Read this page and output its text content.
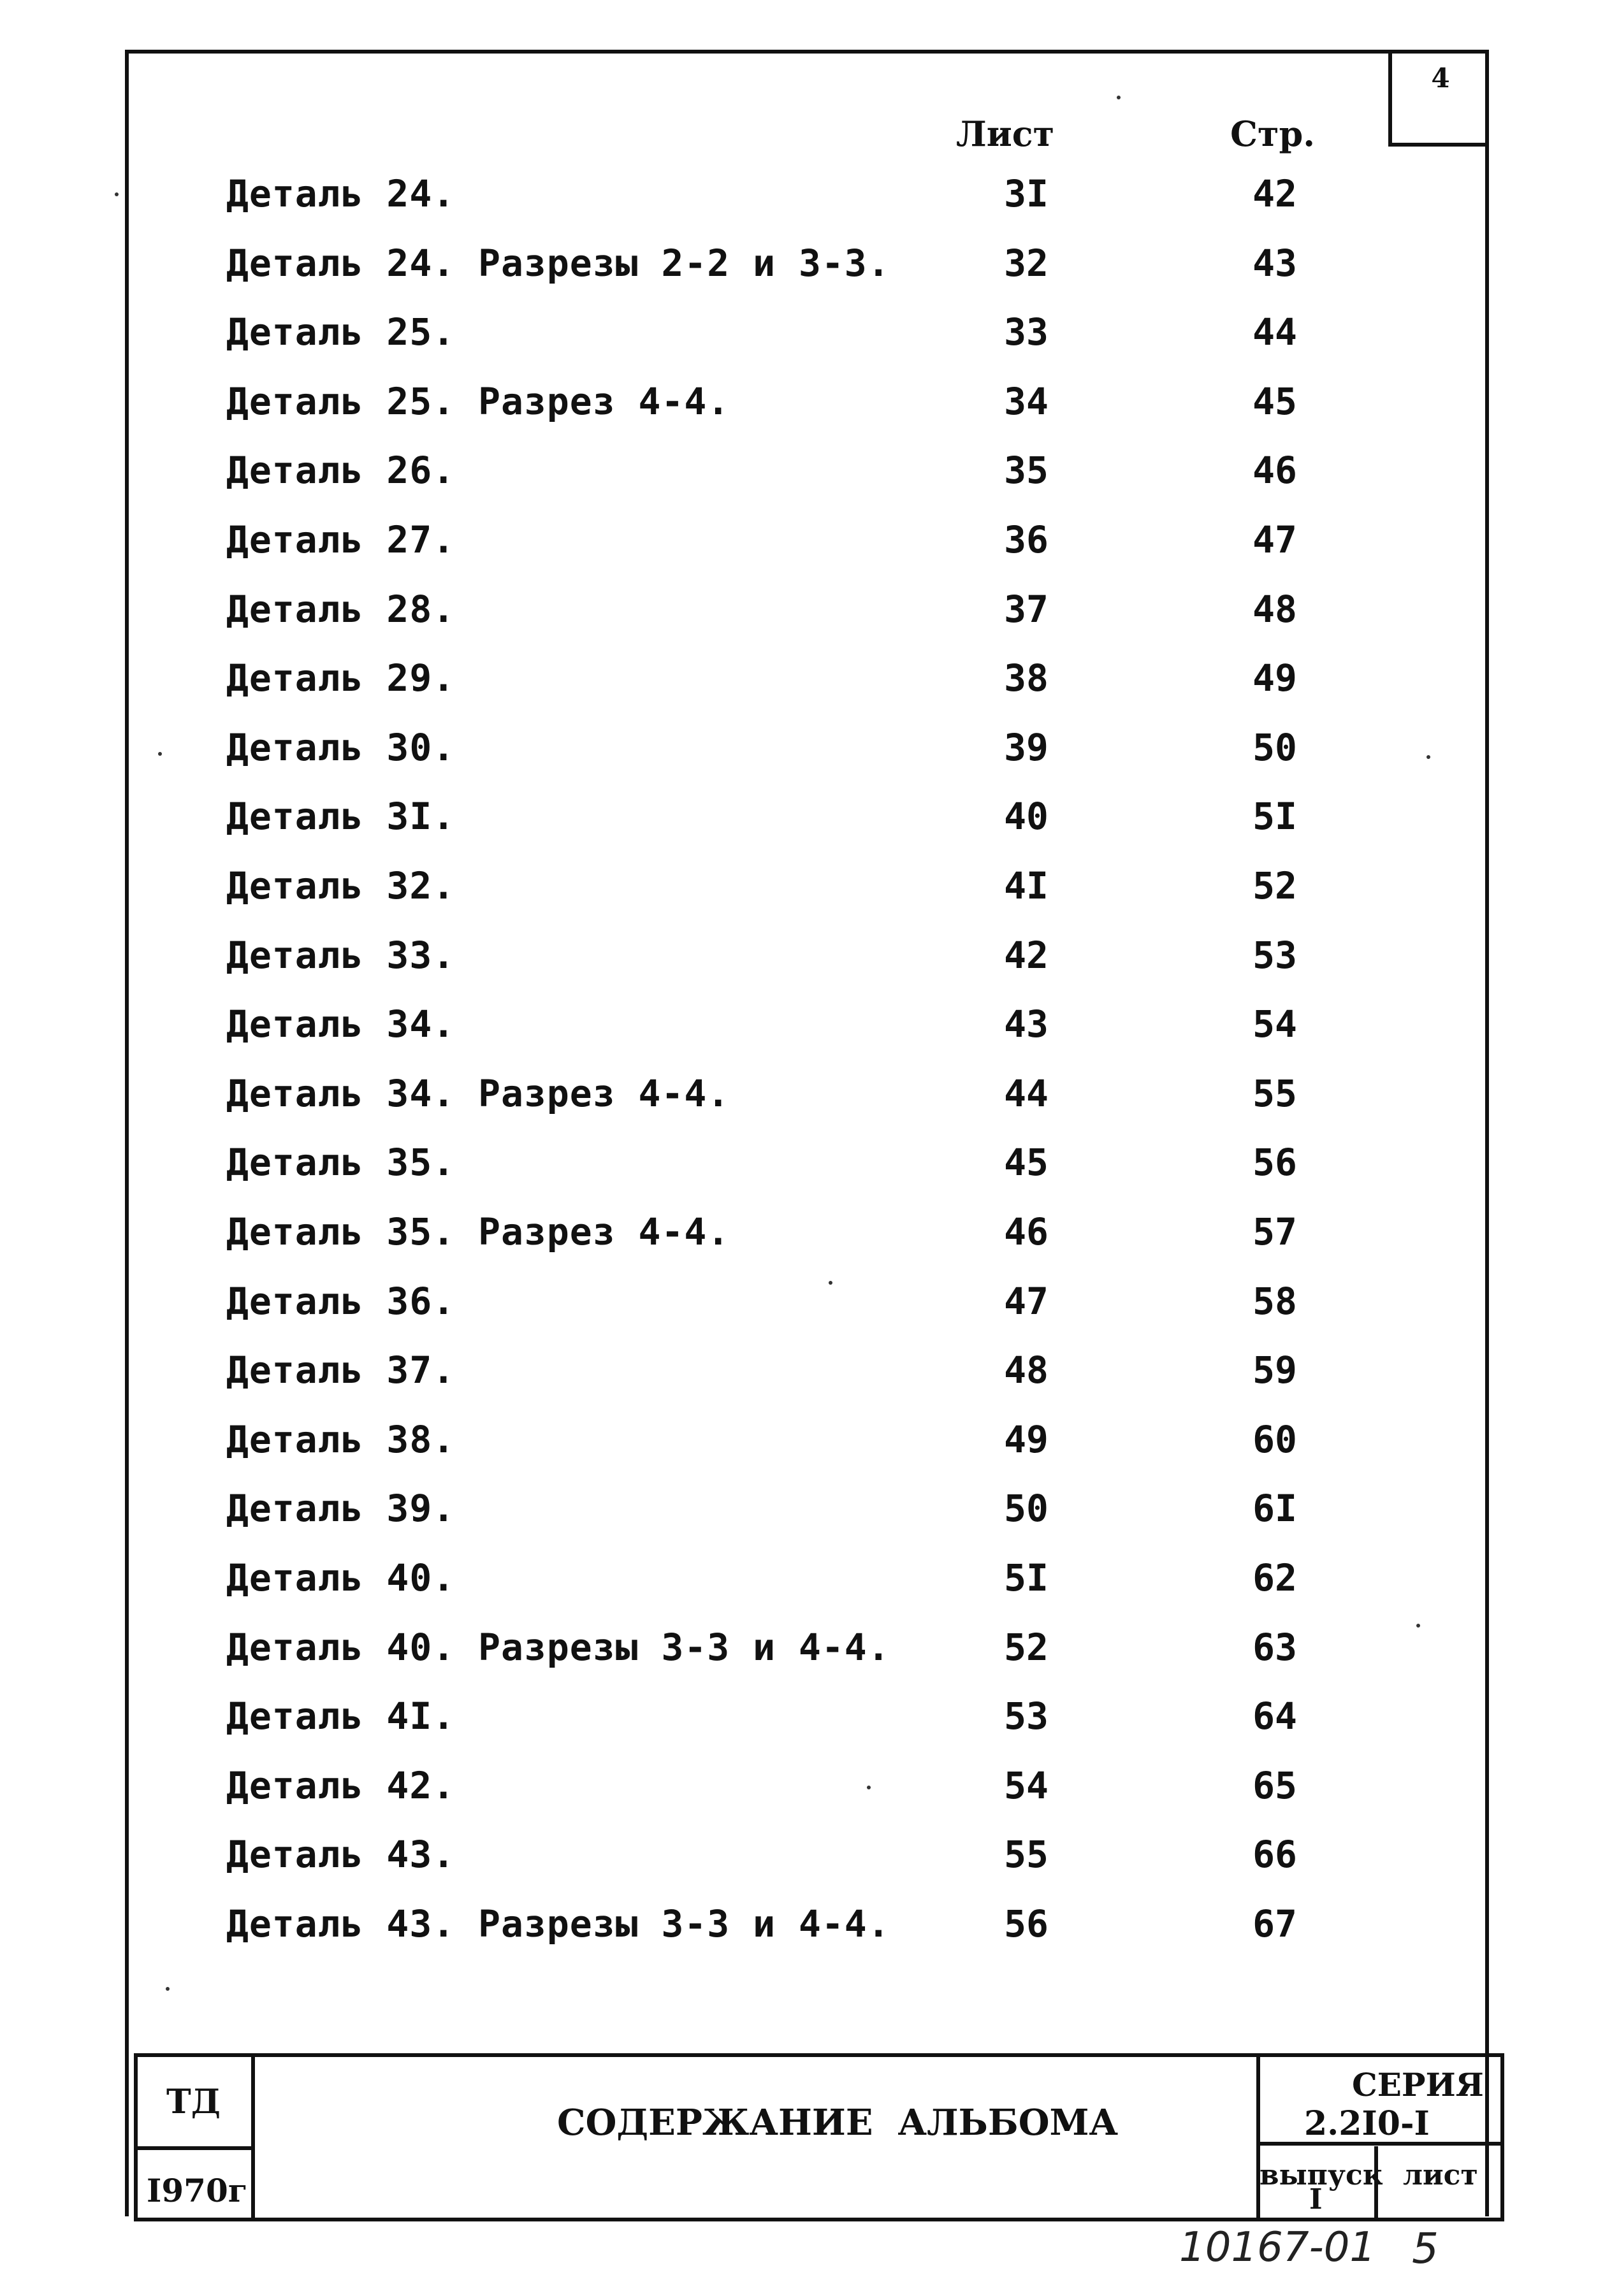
4
Лист	Стр.
Деталь 24.	3I	42
Деталь 24. Разрезы 2-2 и 3-3.	32	43
Деталь 25.	33	44
Деталь 25. Разрез 4-4.	34	45
Деталь 26.	35	46
Деталь 27.	36	47
Деталь 28.	37	48
Деталь 29.	38	49
Деталь 30.	39	50
Деталь 3I.	40	5I
Деталь 32.	4I	52
Деталь 33.	42	53
Деталь 34.	43	54
Деталь 34. Разрез 4-4.	44	55
Деталь 35.	45	56
Деталь 35. Разрез 4-4.	46	57
Деталь 36.	47	58
Деталь 37.	48	59
Деталь 38.	49	60
Деталь 39.	50	6I
Деталь 40.	5I	62
Деталь 40. Разрезы 3-3 и 4-4.	52	63
Деталь 4I.	53	64
Деталь 42.	54	65
Деталь 43.	55	66
Деталь 43. Разрезы 3-3 и 4-4.	56	67
ТД
I970г
СОДЕРЖАНИЕ  АЛЬБОМА
СЕРИЯ
2.2I0-I
выпуск
I
лист
10167-01 5
